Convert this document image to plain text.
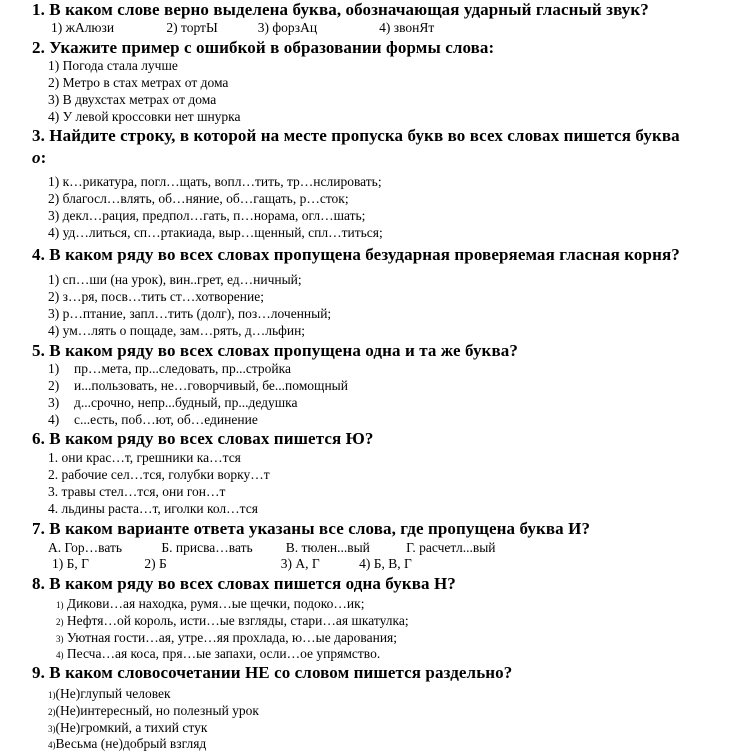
1. В каком слове верно выделена буква, обозначающая ударный гласный звук?
1) жАлюзи	2) тортЫ	3) форзАц	4) звонЯт
2. Укажите пример с ошибкой в образовании формы слова:
1) Погода стала лучше
2) Метро в стах метрах от дома
3) В двухстах метрах от дома
4) У левой кроссовки нет шнурка
3. Найдите строку, в которой на месте пропуска букв во всех словах пишется буква
о:
1) к…рикатура, погл…щать, вопл…тить, тр…нслировать;
2) благосл…влять, об…няние, об…гащать, р…сток;
3) декл…рация, предпол…гать, п…норама, огл…шать;
4) уд…литься, сп…ртакиада, выр…щенный, спл…титься;
4. В каком ряду во всех словах пропущена безударная проверяемая гласная корня?
1) сп…ши (на урок), вин..грет, ед…ничный;
2) з…ря, посв…тить ст…хотворение;
3) р…птание, запл…тить (долг), поз…лоченный;
4) ум…лять о пощаде, зам…рять, д…льфин;
5. В каком ряду во всех словах пропущена одна и та же буква?
1) пр…мета, пр...следовать, пр...стройка
2) и...пользовать, не…говорчивый, бе...помощный
3) д...срочно, непр...будный, пр...дедушка
4) с...есть, поб…ют, об…единение
6. В каком ряду во всех словах пишется Ю?
1. они крас…т, грешники ка…тся
2. рабочие сел…тся, голубки ворку…т
3. травы стел…тся, они гон…т
4. льдины раста…т, иголки кол…тся
7. В каком варианте ответа указаны все слова, где пропущена буква И?
А. Гор…вать	Б. присва…вать В. тюлен...вый	Г. расчетл...вый
1) Б, Г	2) Б	3) А, Г	4) Б, В, Г
8. В каком ряду во всех словах пишется одна буква Н?
1) Дикови…ая находка, румя…ые щечки, подоко…ик;
2) Нефтя…ой король, исти…ые взгляды, стари…ая шкатулка;
3) Уютная гости…ая, утре…яя прохлада, ю…ые дарования;
4) Песча…ая коса, пря…ые запахи, осли…ое упрямство.
9. В каком словосочетании НЕ со словом пишется раздельно?
1)(Не)глупый человек
2)(Не)интересный, но полезный урок
3)(Не)громкий, а тихий стук
4)Весьма (не)добрый взгляд
